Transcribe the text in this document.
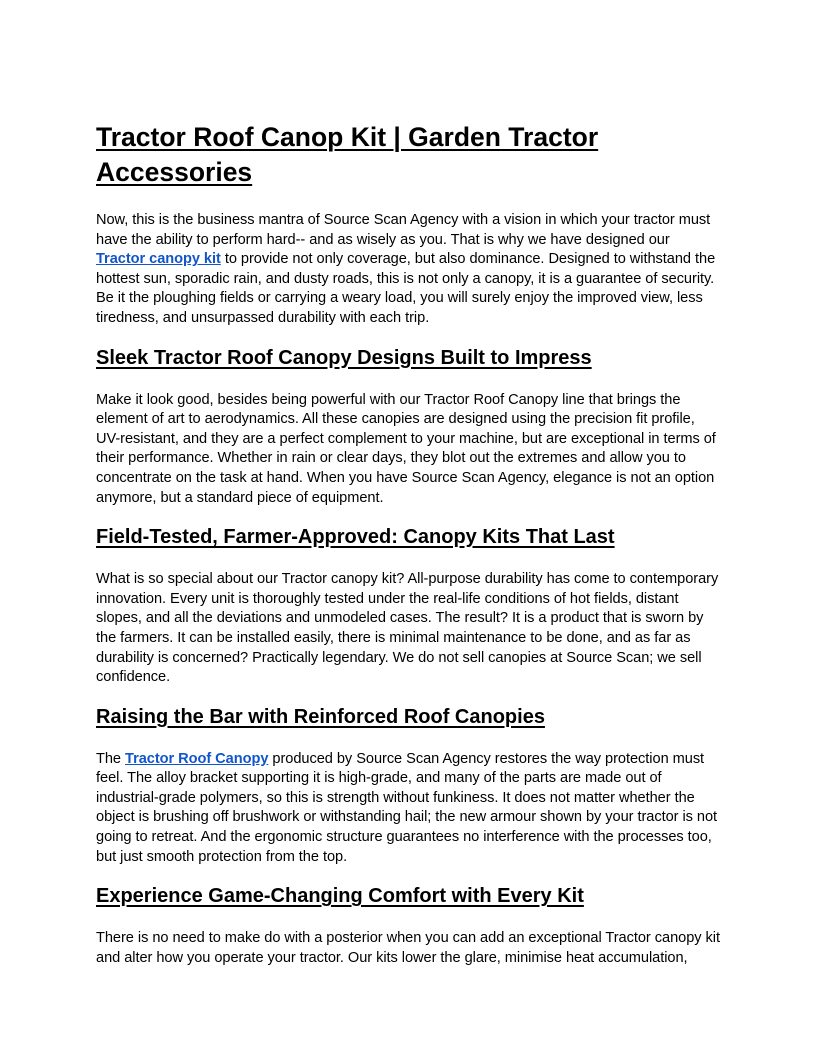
Tractor Roof Canop Kit | Garden Tractor Accessories

Now, this is the business mantra of Source Scan Agency with a vision in which your tractor must have the ability to perform hard-- and as wisely as you. That is why we have designed our Tractor canopy kit to provide not only coverage, but also dominance. Designed to withstand the hottest sun, sporadic rain, and dusty roads, this is not only a canopy, it is a guarantee of security. Be it the ploughing fields or carrying a weary load, you will surely enjoy the improved view, less tiredness, and unsurpassed durability with each trip.

Sleek Tractor Roof Canopy Designs Built to Impress

Make it look good, besides being powerful with our Tractor Roof Canopy line that brings the element of art to aerodynamics. All these canopies are designed using the precision fit profile, UV-resistant, and they are a perfect complement to your machine, but are exceptional in terms of their performance. Whether in rain or clear days, they blot out the extremes and allow you to concentrate on the task at hand. When you have Source Scan Agency, elegance is not an option anymore, but a standard piece of equipment.

Field-Tested, Farmer-Approved: Canopy Kits That Last

What is so special about our Tractor canopy kit? All-purpose durability has come to contemporary innovation. Every unit is thoroughly tested under the real-life conditions of hot fields, distant slopes, and all the deviations and unmodeled cases. The result? It is a product that is sworn by the farmers. It can be installed easily, there is minimal maintenance to be done, and as far as durability is concerned? Practically legendary. We do not sell canopies at Source Scan; we sell confidence.

Raising the Bar with Reinforced Roof Canopies

The Tractor Roof Canopy produced by Source Scan Agency restores the way protection must feel. The alloy bracket supporting it is high-grade, and many of the parts are made out of industrial-grade polymers, so this is strength without funkiness. It does not matter whether the object is brushing off brushwork or withstanding hail; the new armour shown by your tractor is not going to retreat. And the ergonomic structure guarantees no interference with the processes too, but just smooth protection from the top.

Experience Game-Changing Comfort with Every Kit

There is no need to make do with a posterior when you can add an exceptional Tractor canopy kit and alter how you operate your tractor. Our kits lower the glare, minimise heat accumulation,
